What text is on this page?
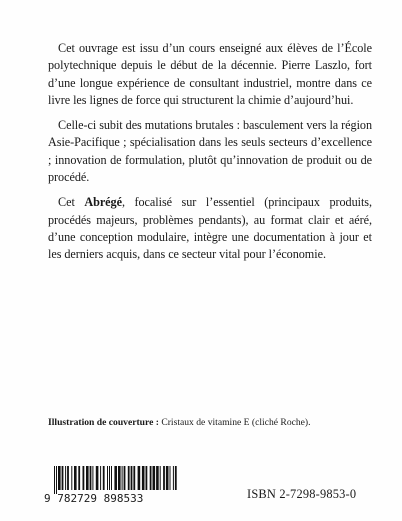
Cet ouvrage est issu d’un cours enseigné aux élèves de l’École polytechnique depuis le début de la décennie. Pierre Laszlo, fort d’une longue expérience de consultant industriel, montre dans ce livre les lignes de force qui structurent la chimie d’aujourd’hui.

Celle-ci subit des mutations brutales : basculement vers la région Asie-Pacifique ; spécialisation dans les seuls secteurs d’excellence ; innovation de formulation, plutôt qu’innovation de produit ou de procédé.

Cet Abrégé, focalisé sur l’essentiel (principaux produits, procédés majeurs, problèmes pendants), au format clair et aéré, d’une conception modulaire, intègre une documentation à jour et les derniers acquis, dans ce secteur vital pour l’économie.

Illustration de couverture : Cristaux de vitamine E (cliché Roche).
9 782729 898533	ISBN 2-7298-9853-0
